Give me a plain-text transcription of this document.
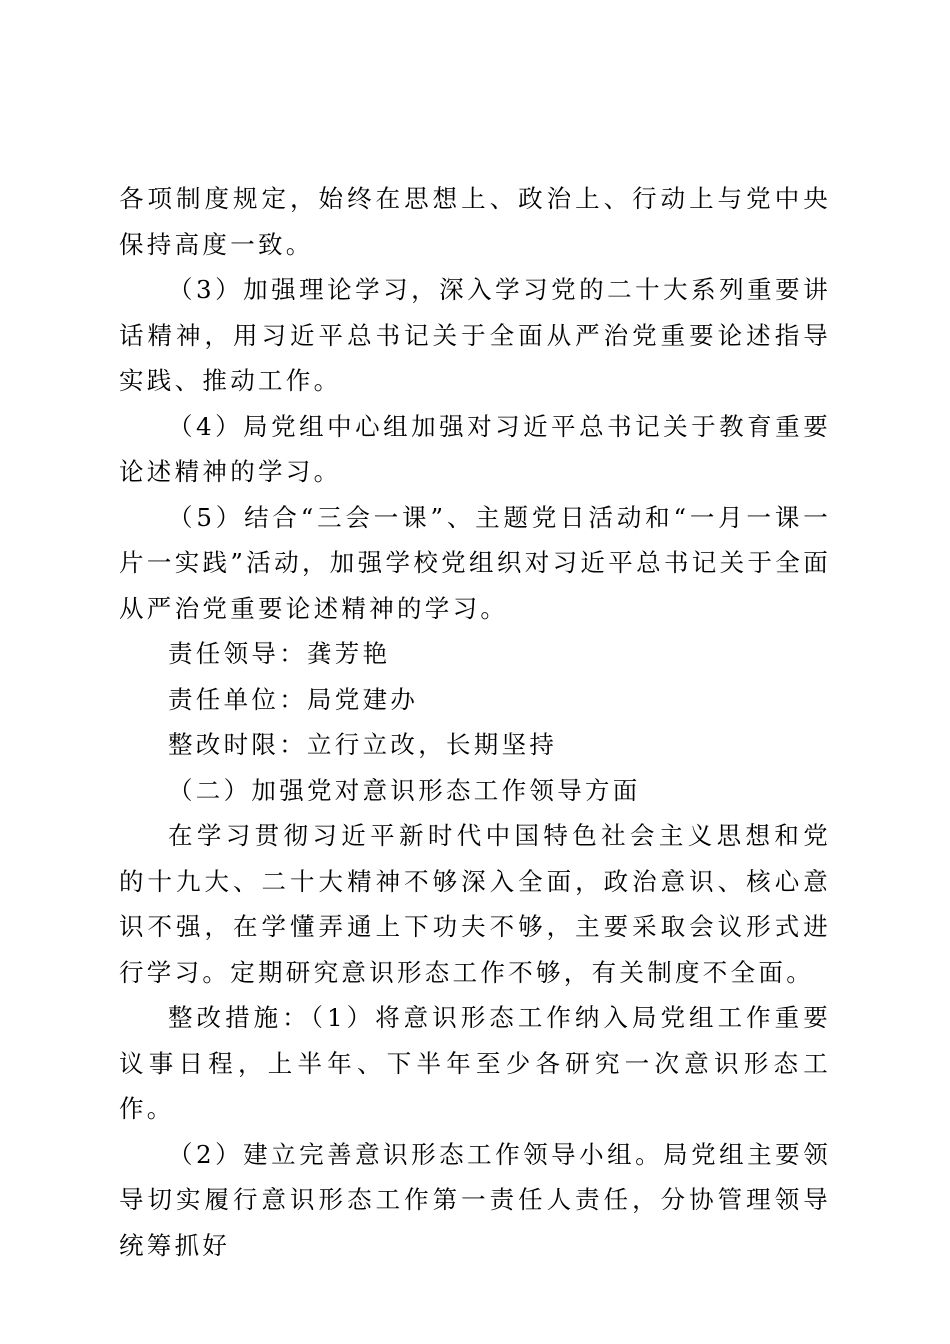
各项制度规定，始终在思想上、政治上、行动上与党中央保持高度一致。

（3）加强理论学习，深入学习党的二十大系列重要讲话精神，用习近平总书记关于全面从严治党重要论述指导实践、推动工作。

（4）局党组中心组加强对习近平总书记关于教育重要论述精神的学习。

（5）结合“三会一课”、主题党日活动和“一月一课一片一实践”活动，加强学校党组织对习近平总书记关于全面从严治党重要论述精神的学习。

责任领导：龚芳艳

责任单位：局党建办

整改时限：立行立改，长期坚持

（二）加强党对意识形态工作领导方面

在学习贯彻习近平新时代中国特色社会主义思想和党的十九大、二十大精神不够深入全面，政治意识、核心意识不强，在学懂弄通上下功夫不够，主要采取会议形式进行学习。定期研究意识形态工作不够，有关制度不全面。

整改措施：（1）将意识形态工作纳入局党组工作重要议事日程，上半年、下半年至少各研究一次意识形态工作。

（2）建立完善意识形态工作领导小组。局党组主要领导切实履行意识形态工作第一责任人责任，分协管理领导统筹抓好
